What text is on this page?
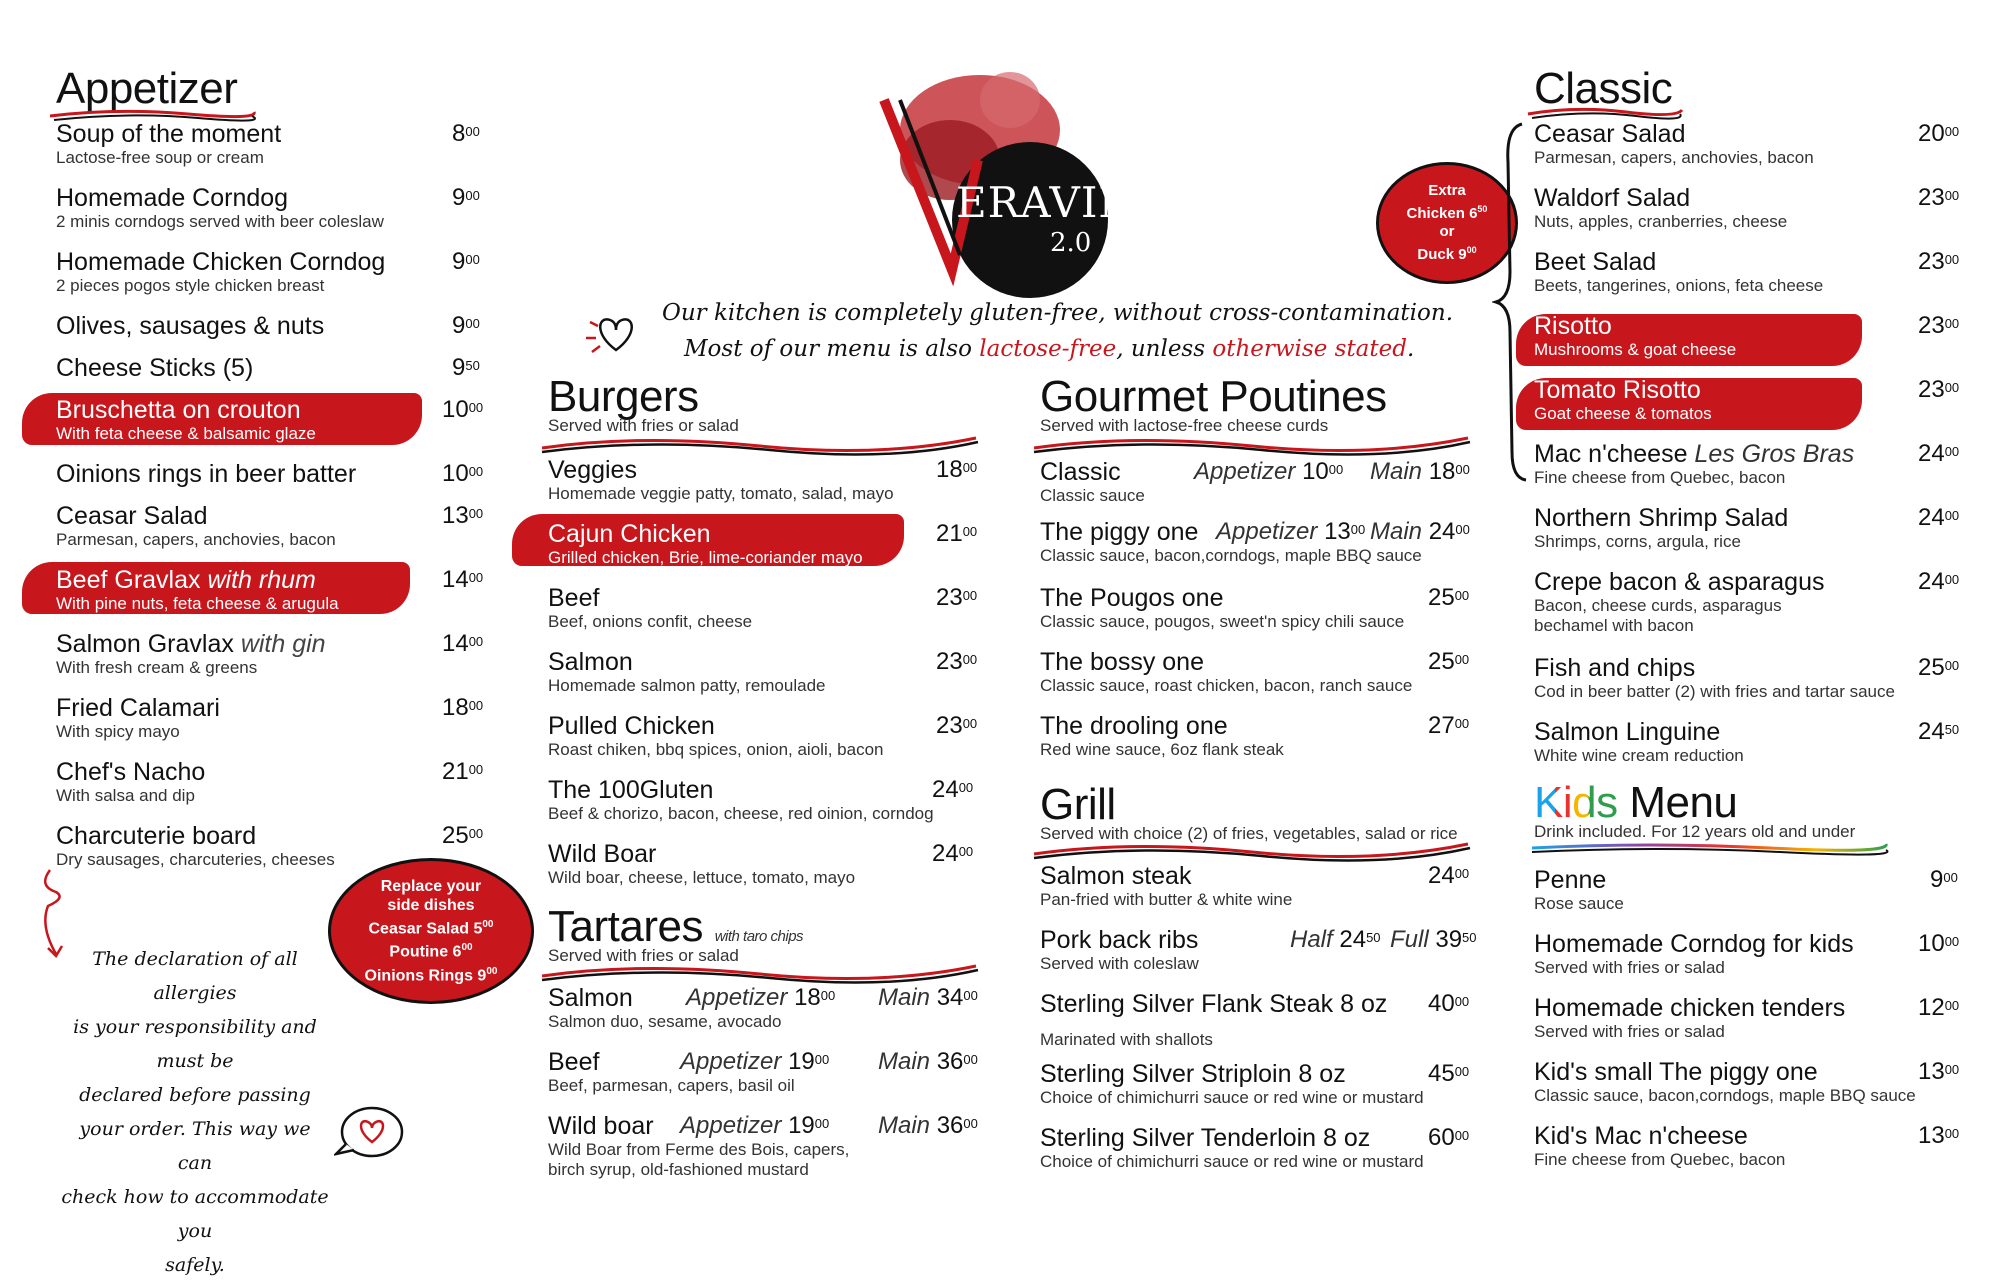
Appetizer
Soup of the moment
Lactose-free soup or cream
$8^{00}$
Homemade Corndog
2 minis corndogs served with beer coleslaw
$9^{00}$
Homemade Chicken Corndog
2 pieces pogos style chicken breast
$9^{00}$
Olives, sausages & nuts	$9^{00}$
Cheese Sticks (5)	$9^{50}$
Bruschetta on crouton
With feta cheese & balsamic glaze
$10^{00}$
Oinions rings in beer batter	$10^{00}$
Ceasar Salad
Parmesan, capers, anchovies, bacon
$13^{00}$
Beef Gravlax with rhum
With pine nuts, feta cheese & arugula
$14^{00}$
Salmon Gravlax with gin
With fresh cream & greens
$14^{00}$
Fried Calamari
With spicy mayo
$18^{00}$
Chef's Nacho
With salsa and dip
$21^{00}$
Charcuterie board
Dry sausages, charcuteries, cheeses
$25^{00}$
Replace your
side dishes
Ceasar Salad $5^{00}$
Poutine $6^{00}$
Oinions Rings $9^{00}$
The declaration of all allergies
is your responsibility and must be
declared before passing
your order. This way we can
check how to accommodate you
safely.
ERAVIN
2.0
Our kitchen is completely gluten-free, without cross-contamination.
Most of our menu is also lactose-free, unless otherwise stated.
Burgers
Served with fries or salad
Veggies
Homemade veggie patty, tomato, salad, mayo
$18^{00}$
Cajun Chicken
Grilled chicken, Brie, lime-coriander mayo
$21^{00}$
Beef
Beef, onions confit, cheese
$23^{00}$
Salmon
Homemade salmon patty, remoulade
$23^{00}$
Pulled Chicken
Roast chiken, bbq spices, onion, aioli, bacon
$23^{00}$
The 100Gluten
Beef & chorizo, bacon, cheese, red oinion, corndog
$24^{00}$
Wild Boar
Wild boar, cheese, lettuce, tomato, mayo
$24^{00}$
Tartares with taro chips
Served with fries or salad
Salmon
Salmon duo, sesame, avocado
Appetizer $18^{00}$ Main $34^{00}$
Beef
Beef, parmesan, capers, basil oil
Appetizer $19^{00}$ Main $36^{00}$
Wild boar
Wild Boar from Ferme des Bois, capers,
birch syrup, old-fashioned mustard
Appetizer $19^{00}$ Main $36^{00}$
Gourmet Poutines
Served with lactose-free cheese curds
Classic
Classic sauce
Appetizer $10^{00}$ Main $18^{00}$
The piggy one
Classic sauce, bacon,corndogs, maple BBQ sauce
Appetizer $13^{00}$ Main $24^{00}$
The Pougos one
Classic sauce, pougos, sweet'n spicy chili sauce
$25^{00}$
The bossy one
Classic sauce, roast chicken, bacon, ranch sauce
$25^{00}$
The drooling one
Red wine sauce, 6oz flank steak
$27^{00}$
Grill
Served with choice (2) of fries, vegetables, salad or rice
Salmon steak
Pan-fried with butter & white wine
$24^{00}$
Pork back ribs
Served with coleslaw
Half $24^{50}$ Full $39^{50}$
Sterling Silver Flank Steak 8 oz
Marinated with shallots
$40^{00}$
Sterling Silver Striploin 8 oz
Choice of chimichurri sauce or red wine or mustard
$45^{00}$
Sterling Silver Tenderloin 8 oz
Choice of chimichurri sauce or red wine or mustard
$60^{00}$
Extra
Chicken $6^{50}$
or
Duck $9^{00}$
Classic
Ceasar Salad
Parmesan, capers, anchovies, bacon
$20^{00}$
Waldorf Salad
Nuts, apples, cranberries, cheese
$23^{00}$
Beet Salad
Beets, tangerines, onions, feta cheese
$23^{00}$
Risotto
Mushrooms & goat cheese
$23^{00}$
Tomato Risotto
Goat cheese & tomatos
$23^{00}$
Mac n'cheese Les Gros Bras
Fine cheese from Quebec, bacon
$24^{00}$
Northern Shrimp Salad
Shrimps, corns, argula, rice
$24^{00}$
Crepe bacon & asparagus
Bacon, cheese curds, asparagus
bechamel with bacon
$24^{00}$
Fish and chips
Cod in beer batter (2) with fries and tartar sauce
$25^{00}$
Salmon Linguine
White wine cream reduction
$24^{50}$
Kids Menu
Drink included. For 12 years old and under
Penne
Rose sauce
$9^{00}$
Homemade Corndog for kids
Served with fries or salad
$10^{00}$
Homemade chicken tenders
Served with fries or salad
$12^{00}$
Kid's small The piggy one
Classic sauce, bacon,corndogs, maple BBQ sauce
$13^{00}$
Kid's Mac n'cheese
Fine cheese from Quebec, bacon
$13^{00}$
